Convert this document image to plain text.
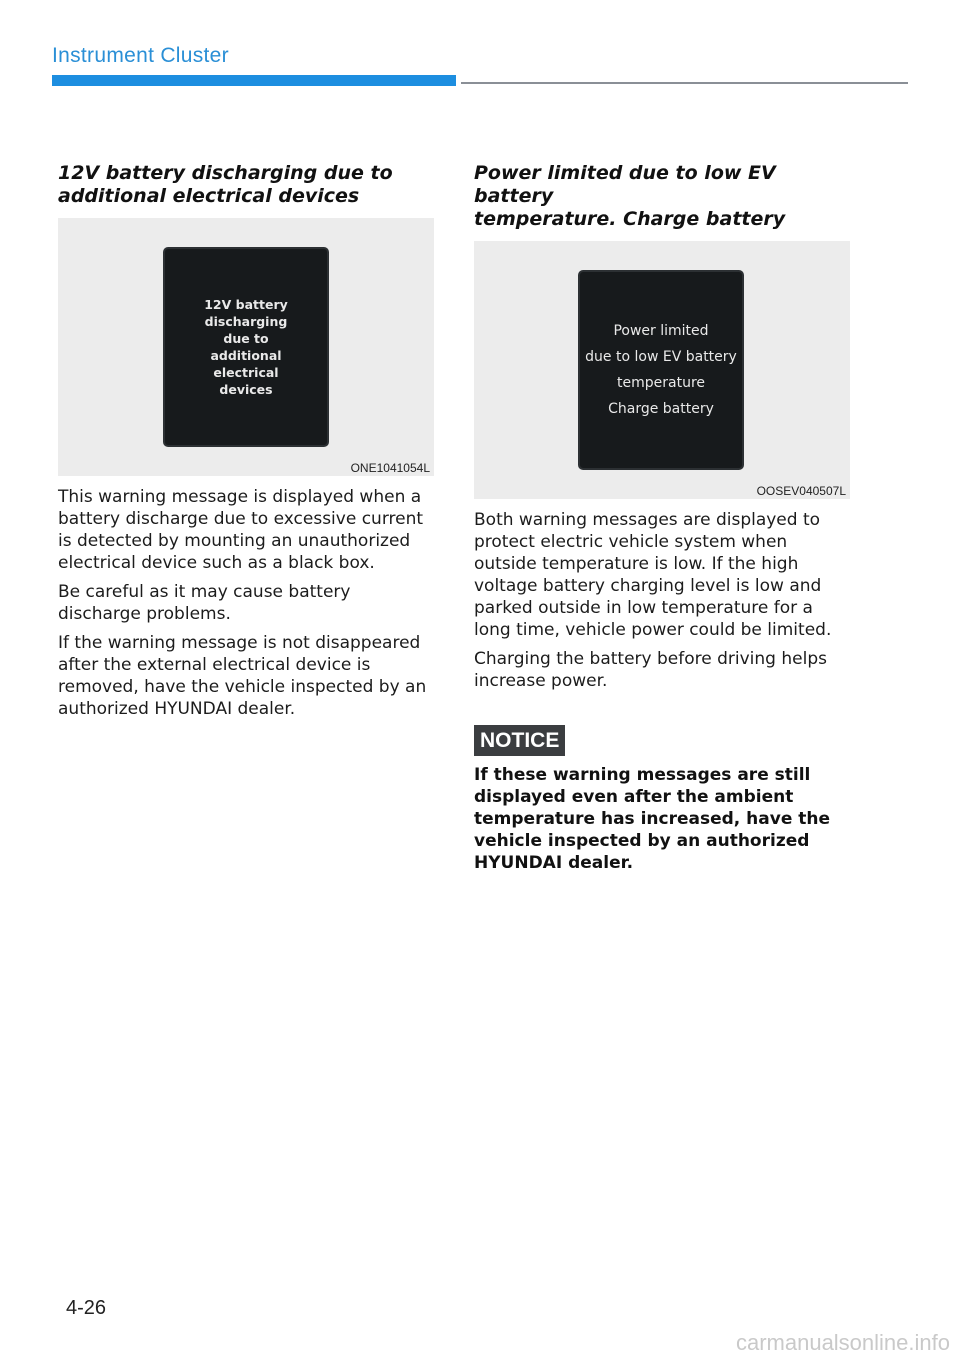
Instrument Cluster
12V battery discharging due to
additional electrical devices
12V battery
discharging
due to
additional
electrical
devices
ONE1041054L

This warning message is displayed when a battery discharge due to excessive current is detected by mounting an unauthorized electrical device such as a black box.

Be careful as it may cause battery discharge problems.

If the warning message is not disappeared after the external electrical device is removed, have the vehicle inspected by an authorized HYUNDAI dealer.

Power limited due to low EV battery
temperature. Charge battery
Power limited
due to low EV battery
temperature
Charge battery
OOSEV040507L

Both warning messages are displayed to protect electric vehicle system when outside temperature is low. If the high voltage battery charging level is low and parked outside in low temperature for a long time, vehicle power could be limited.

Charging the battery before driving helps increase power.

NOTICE
If these warning messages are still displayed even after the ambient temperature has increased, have the vehicle inspected by an authorized HYUNDAI dealer.
4-26
carmanualsonline.info
